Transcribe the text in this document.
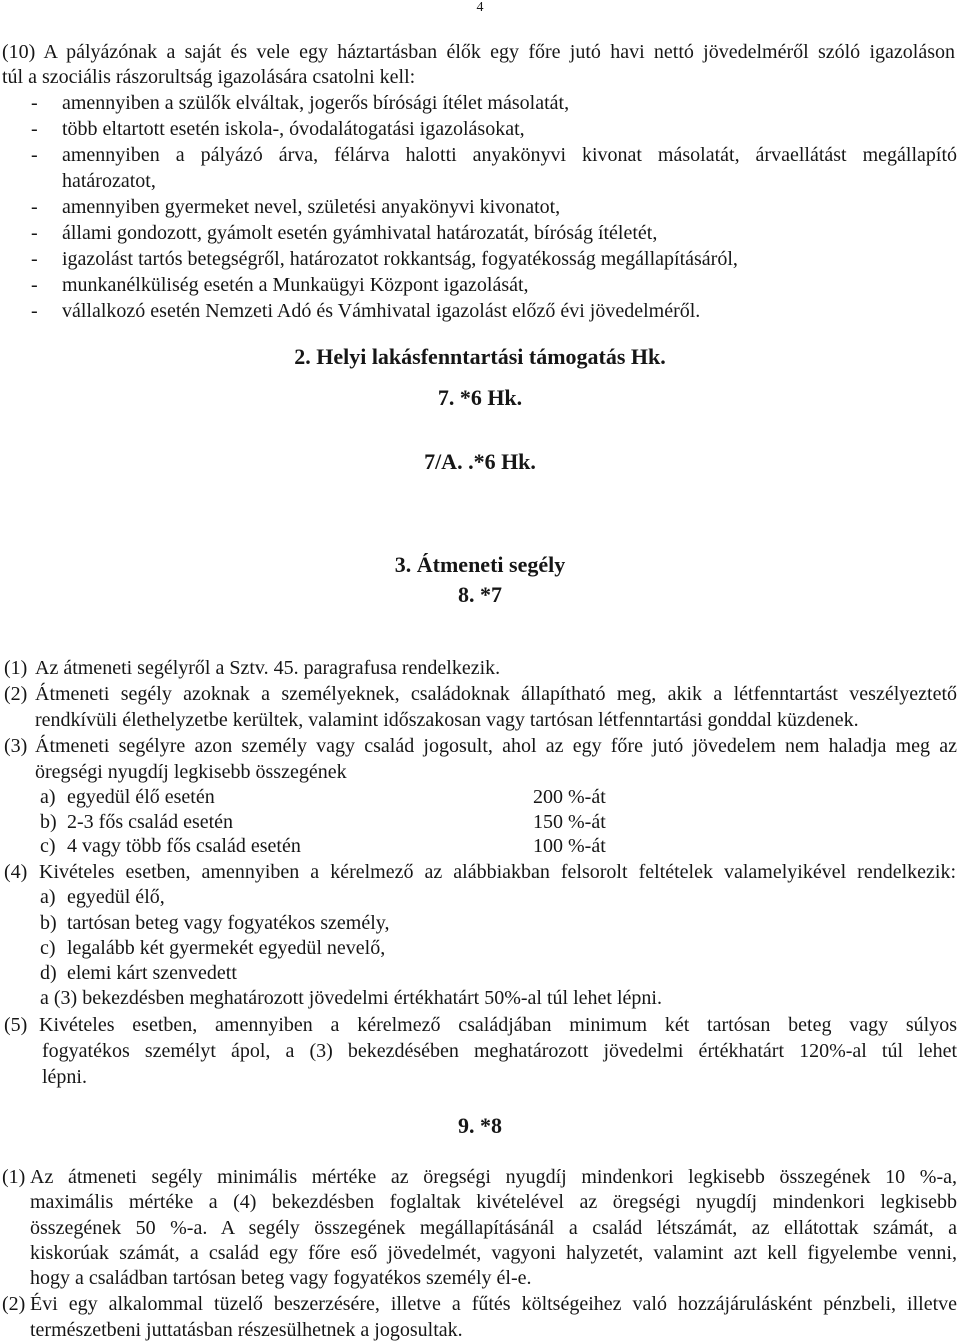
4
(10) A pályázónak a saját és vele egy háztartásban élők egy főre jutó havi nettó jövedelméről szóló igazoláson
túl a szociális rászorultság igazolására csatolni kell:
- amennyiben a szülők elváltak, jogerős bírósági ítélet másolatát,
- több eltartott esetén iskola-, óvodalátogatási igazolásokat,
- amennyiben a pályázó árva, félárva halotti anyakönyvi kivonat másolatát, árvaellátást megállapító
határozatot,
- amennyiben gyermeket nevel, születési anyakönyvi kivonatot,
- állami gondozott, gyámolt esetén gyámhivatal határozatát, bíróság ítéletét,
- igazolást tartós betegségről, határozatot rokkantság, fogyatékosság megállapításáról,
- munkanélküliség esetén a Munkaügyi Központ igazolását,
- vállalkozó esetén Nemzeti Adó és Vámhivatal igazolást előző évi jövedelméről.
2. Helyi lakásfenntartási támogatás Hk.
7. *6 Hk.
7/A. .*6 Hk.
3. Átmeneti segély
8. *7
(1) Az átmeneti segélyről a Sztv. 45. paragrafusa rendelkezik.
(2) Átmeneti segély azoknak a személyeknek, családoknak állapítható meg, akik a létfenntartást veszélyeztető
rendkívüli élethelyzetbe kerültek, valamint időszakosan vagy tartósan létfenntartási gonddal küzdenek.
(3) Átmeneti segélyre azon személy vagy család jogosult, ahol az egy főre jutó jövedelem nem haladja meg az
öregségi nyugdíj legkisebb összegének
a) egyedül élő esetén	200 %-át
b) 2-3 fős család esetén	150 %-át
c) 4 vagy több fős család esetén	100 %-át
(4) Kivételes esetben, amennyiben a kérelmező az alábbiakban felsorolt feltételek valamelyikével rendelkezik:
a) egyedül élő,
b) tartósan beteg vagy fogyatékos személy,
c) legalább két gyermekét egyedül nevelő,
d) elemi kárt szenvedett
a (3) bekezdésben meghatározott jövedelmi értékhatárt 50%-al túl lehet lépni.
(5) Kivételes esetben, amennyiben a kérelmező családjában minimum két tartósan beteg vagy súlyos
fogyatékos személyt ápol, a (3) bekezdésében meghatározott jövedelmi értékhatárt 120%-al túl lehet
lépni.
9. *8
(1) Az átmeneti segély minimális mértéke az öregségi nyugdíj mindenkori legkisebb összegének 10 %-a,
maximális mértéke a (4) bekezdésben foglaltak kivételével az öregségi nyugdíj mindenkori legkisebb
összegének 50 %-a. A segély összegének megállapításánál a család létszámát, az ellátottak számát, a
kiskorúak számát, a család egy főre eső jövedelmét, vagyoni halyzetét, valamint azt kell figyelembe venni,
hogy a családban tartósan beteg vagy fogyatékos személy él-e.
(2) Évi egy alkalommal tüzelő beszerzésére, illetve a fűtés költségeihez való hozzájárulásként pénzbeli, illetve
természetbeni juttatásban részesülhetnek a jogosultak.
